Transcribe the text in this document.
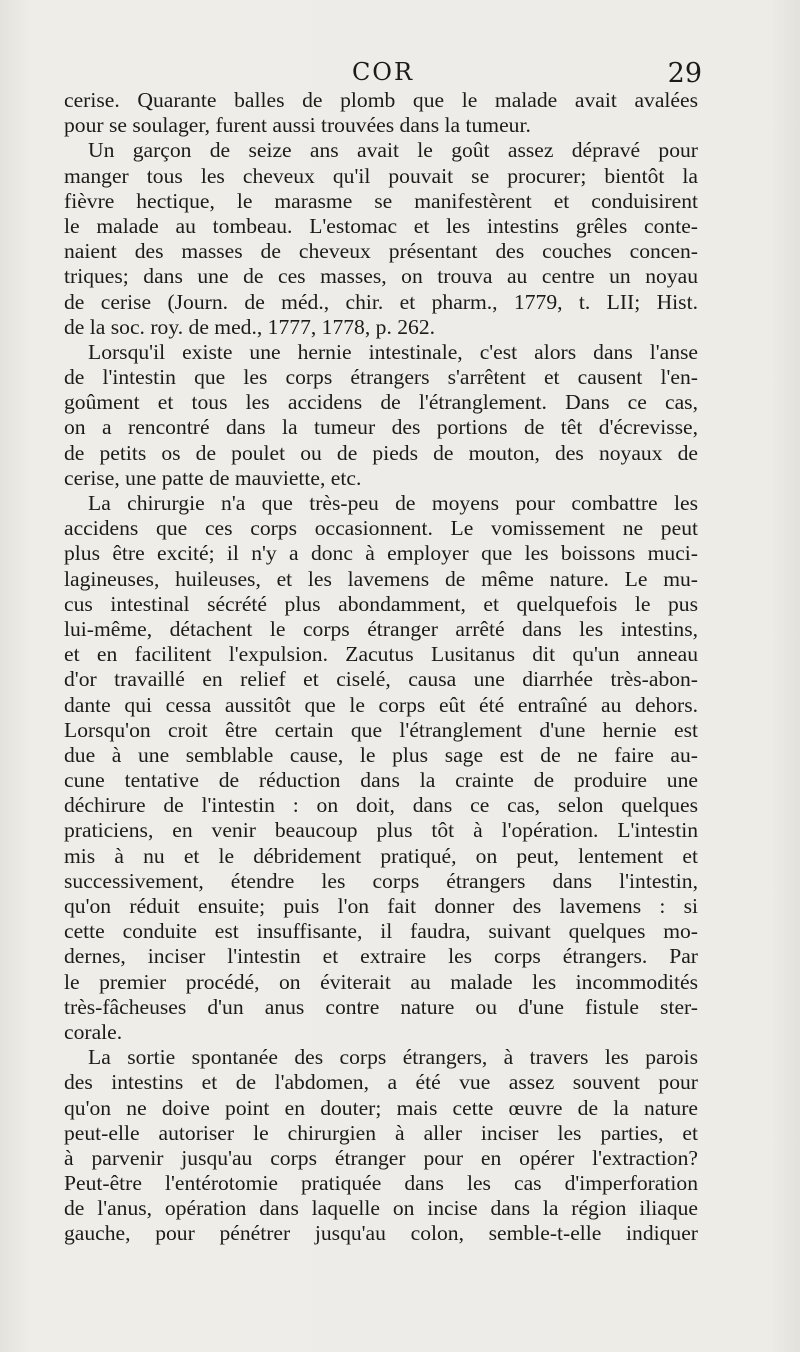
COR	29
cerise. Quarante balles de plomb que le malade avait avalées
pour se soulager, furent aussi trouvées dans la tumeur.
Un garçon de seize ans avait le goût assez dépravé pour
manger tous les cheveux qu'il pouvait se procurer; bientôt la
fièvre hectique, le marasme se manifestèrent et conduisirent
le malade au tombeau. L'estomac et les intestins grêles conte-
naient des masses de cheveux présentant des couches concen-
triques; dans une de ces masses, on trouva au centre un noyau
de cerise (Journ. de méd., chir. et pharm., 1779, t. LII; Hist.
de la soc. roy. de med., 1777, 1778, p. 262.
Lorsqu'il existe une hernie intestinale, c'est alors dans l'anse
de l'intestin que les corps étrangers s'arrêtent et causent l'en-
goûment et tous les accidens de l'étranglement. Dans ce cas,
on a rencontré dans la tumeur des portions de têt d'écrevisse,
de petits os de poulet ou de pieds de mouton, des noyaux de
cerise, une patte de mauviette, etc.
La chirurgie n'a que très-peu de moyens pour combattre les
accidens que ces corps occasionnent. Le vomissement ne peut
plus être excité; il n'y a donc à employer que les boissons muci-
lagineuses, huileuses, et les lavemens de même nature. Le mu-
cus intestinal sécrété plus abondamment, et quelquefois le pus
lui-même, détachent le corps étranger arrêté dans les intestins,
et en facilitent l'expulsion. Zacutus Lusitanus dit qu'un anneau
d'or travaillé en relief et ciselé, causa une diarrhée très-abon-
dante qui cessa aussitôt que le corps eût été entraîné au dehors.
Lorsqu'on croit être certain que l'étranglement d'une hernie est
due à une semblable cause, le plus sage est de ne faire au-
cune tentative de réduction dans la crainte de produire une
déchirure de l'intestin : on doit, dans ce cas, selon quelques
praticiens, en venir beaucoup plus tôt à l'opération. L'intestin
mis à nu et le débridement pratiqué, on peut, lentement et
successivement, étendre les corps étrangers dans l'intestin,
qu'on réduit ensuite; puis l'on fait donner des lavemens : si
cette conduite est insuffisante, il faudra, suivant quelques mo-
dernes, inciser l'intestin et extraire les corps étrangers. Par
le premier procédé, on éviterait au malade les incommodités
très-fâcheuses d'un anus contre nature ou d'une fistule ster-
corale.
La sortie spontanée des corps étrangers, à travers les parois
des intestins et de l'abdomen, a été vue assez souvent pour
qu'on ne doive point en douter; mais cette œuvre de la nature
peut-elle autoriser le chirurgien à aller inciser les parties, et
à parvenir jusqu'au corps étranger pour en opérer l'extraction?
Peut-être l'entérotomie pratiquée dans les cas d'imperforation
de l'anus, opération dans laquelle on incise dans la région iliaque
gauche, pour pénétrer jusqu'au colon, semble-t-elle indiquer
